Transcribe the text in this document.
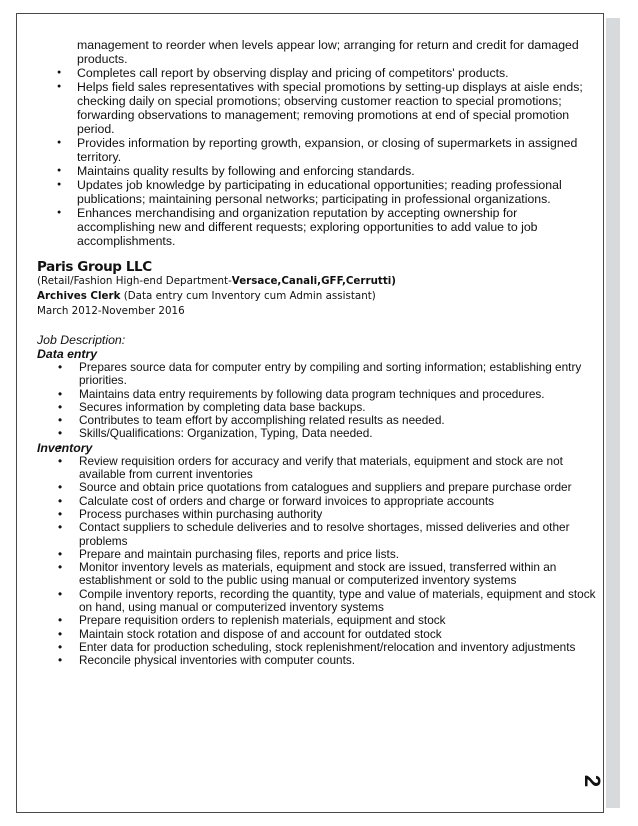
2

management to reorder when levels appear low; arranging for return and credit for damaged products.

● Completes call report by observing display and pricing of competitors' products.
● Helps field sales representatives with special promotions by setting-up displays at aisle ends; checking daily on special promotions; observing customer reaction to special promotions; forwarding observations to management; removing promotions at end of special promotion period.
● Provides information by reporting growth, expansion, or closing of supermarkets in assigned territory.
● Maintains quality results by following and enforcing standards.
● Updates job knowledge by participating in educational opportunities; reading professional publications; maintaining personal networks; participating in professional organizations.
● Enhances merchandising and organization reputation by accepting ownership for accomplishing new and different requests; exploring opportunities to add value to job accomplishments.
Paris Group LLC
(Retail/Fashion High-end Department-Versace,Canali,GFF,Cerrutti)
Archives Clerk (Data entry cum Inventory cum Admin assistant)
March 2012-November 2016
Job Description:
Data entry
• Prepares source data for computer entry by compiling and sorting information; establishing entry priorities.
• Maintains data entry requirements by following data program techniques and procedures.
• Secures information by completing data base backups.
• Contributes to team effort by accomplishing related results as needed.
• Skills/Qualifications: Organization, Typing, Data needed.
Inventory
• Review requisition orders for accuracy and verify that materials, equipment and stock are not available from current inventories
• Source and obtain price quotations from catalogues and suppliers and prepare purchase order
• Calculate cost of orders and charge or forward invoices to appropriate accounts
• Process purchases within purchasing authority
• Contact suppliers to schedule deliveries and to resolve shortages, missed deliveries and other problems
• Prepare and maintain purchasing files, reports and price lists.
• Monitor inventory levels as materials, equipment and stock are issued, transferred within an establishment or sold to the public using manual or computerized inventory systems
• Compile inventory reports, recording the quantity, type and value of materials, equipment and stock on hand, using manual or computerized inventory systems
• Prepare requisition orders to replenish materials, equipment and stock
• Maintain stock rotation and dispose of and account for outdated stock
• Enter data for production scheduling, stock replenishment/relocation and inventory adjustments
• Reconcile physical inventories with computer counts.
